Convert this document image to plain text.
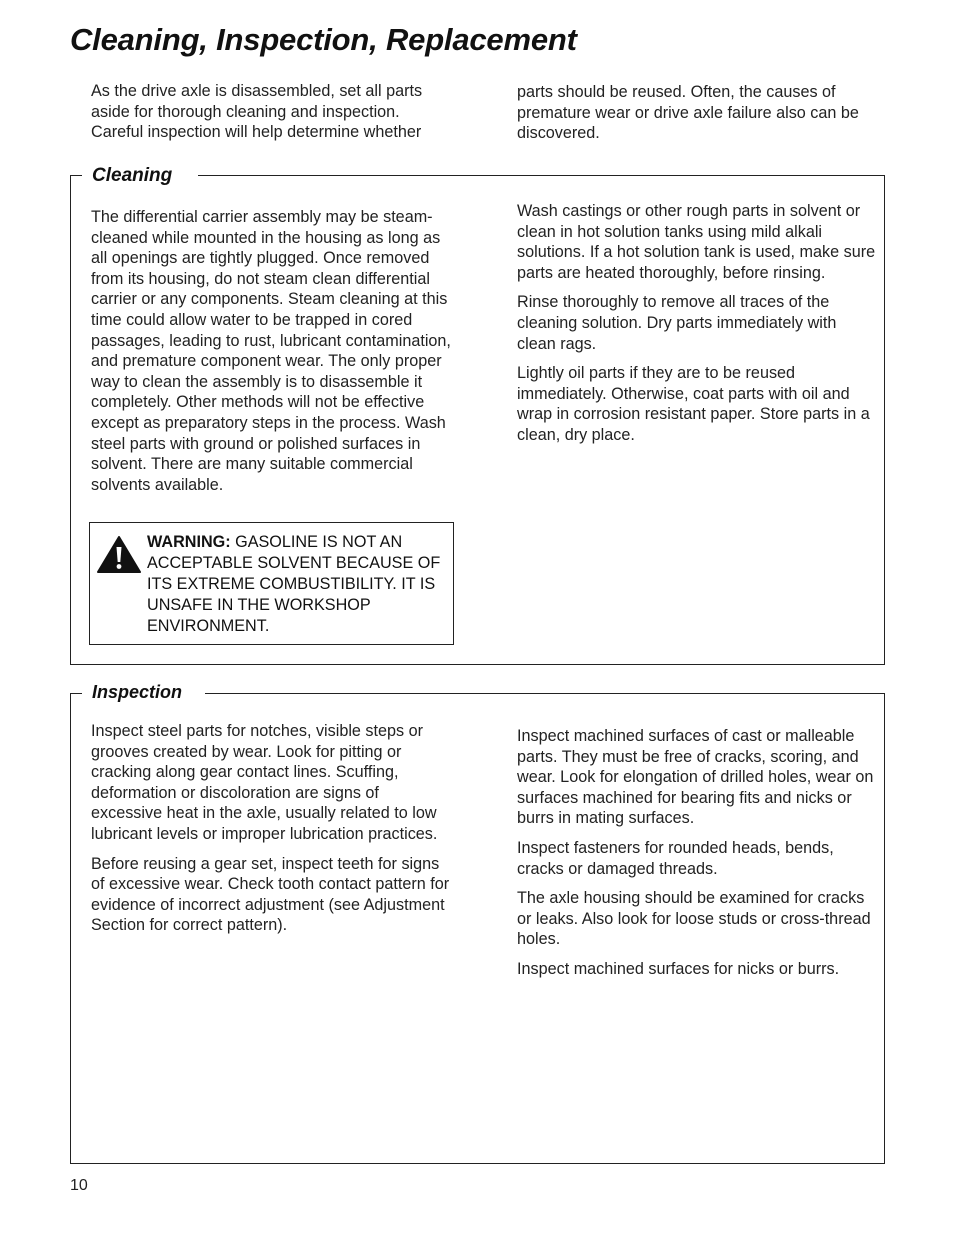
Cleaning, Inspection, Replacement

As the drive axle is disassembled, set all parts aside for thorough cleaning and inspection. Careful inspection will help determine whether

parts should be reused. Often, the causes of premature wear or drive axle failure also can be discovered.

Cleaning

The differential carrier assembly may be steam-cleaned while mounted in the housing as long as all openings are tightly plugged. Once removed from its housing, do not steam clean differential carrier or any components. Steam cleaning at this time could allow water to be trapped in cored passages, leading to rust, lubricant contamination, and premature component wear. The only proper way to clean the assembly is to disassemble it completely. Other methods will not be effective except as preparatory steps in the process. Wash steel parts with ground or polished surfaces in solvent. There are many suitable commercial solvents available.

WARNING: GASOLINE IS NOT AN ACCEPTABLE SOLVENT BECAUSE OF ITS EXTREME COMBUSTIBILITY. IT IS UNSAFE IN THE WORKSHOP ENVIRONMENT.

Wash castings or other rough parts in solvent or clean in hot solution tanks using mild alkali solutions. If a hot solution tank is used, make sure parts are heated thoroughly, before rinsing.

Rinse thoroughly to remove all traces of the cleaning solution. Dry parts immediately with clean rags.

Lightly oil parts if they are to be reused immediately. Otherwise, coat parts with oil and wrap in corrosion resistant paper. Store parts in a clean, dry place.

Inspection

Inspect steel parts for notches, visible steps or grooves created by wear. Look for pitting or cracking along gear contact lines. Scuffing, deformation or discoloration are signs of excessive heat in the axle, usually related to low lubricant levels or improper lubrication practices.

Before reusing a gear set, inspect teeth for signs of excessive wear. Check tooth contact pattern for evidence of incorrect adjustment (see Adjustment Section for correct pattern).

Inspect machined surfaces of cast or malleable parts. They must be free of cracks, scoring, and wear. Look for elongation of drilled holes, wear on surfaces machined for bearing fits and nicks or burrs in mating surfaces.

Inspect fasteners for rounded heads, bends, cracks or damaged threads.

The axle housing should be examined for cracks or leaks. Also look for loose studs or cross-thread holes.

Inspect machined surfaces for nicks or burrs.

10
